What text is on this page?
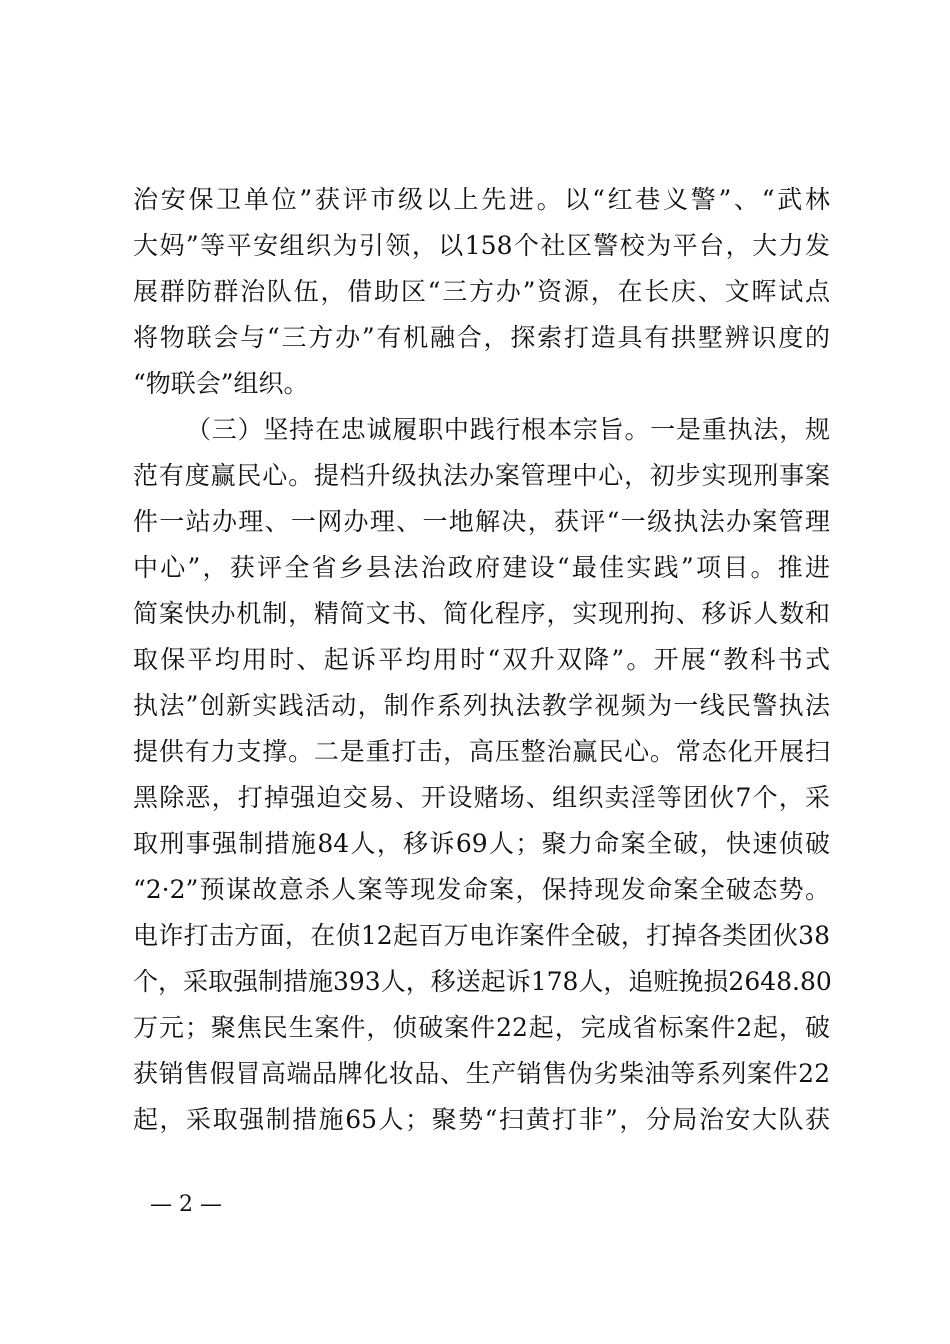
治安保卫单位”获评市级以上先进。以“红巷义警”、“武林
大妈”等平安组织为引领，以158个社区警校为平台，大力发
展群防群治队伍，借助区“三方办”资源，在长庆、文晖试点
将物联会与“三方办”有机融合，探索打造具有拱墅辨识度的
“物联会”组织。
（三）坚持在忠诚履职中践行根本宗旨。一是重执法，规
范有度赢民心。提档升级执法办案管理中心，初步实现刑事案
件一站办理、一网办理、一地解决，获评“一级执法办案管理
中心”，获评全省乡县法治政府建设“最佳实践”项目。推进
简案快办机制，精简文书、简化程序，实现刑拘、移诉人数和
取保平均用时、起诉平均用时“双升双降”。开展“教科书式
执法”创新实践活动，制作系列执法教学视频为一线民警执法
提供有力支撑。二是重打击，高压整治赢民心。常态化开展扫
黑除恶，打掉强迫交易、开设赌场、组织卖淫等团伙7个，采
取刑事强制措施84人，移诉69人；聚力命案全破，快速侦破
“2·2”预谋故意杀人案等现发命案，保持现发命案全破态势。
电诈打击方面，在侦12起百万电诈案件全破，打掉各类团伙38
个，采取强制措施393人，移送起诉178人，追赃挽损2648.80
万元；聚焦民生案件，侦破案件22起，完成省标案件2起，破
获销售假冒高端品牌化妆品、生产销售伪劣柴油等系列案件22
起，采取强制措施65人；聚势“扫黄打非”，分局治安大队获
— 2 —
